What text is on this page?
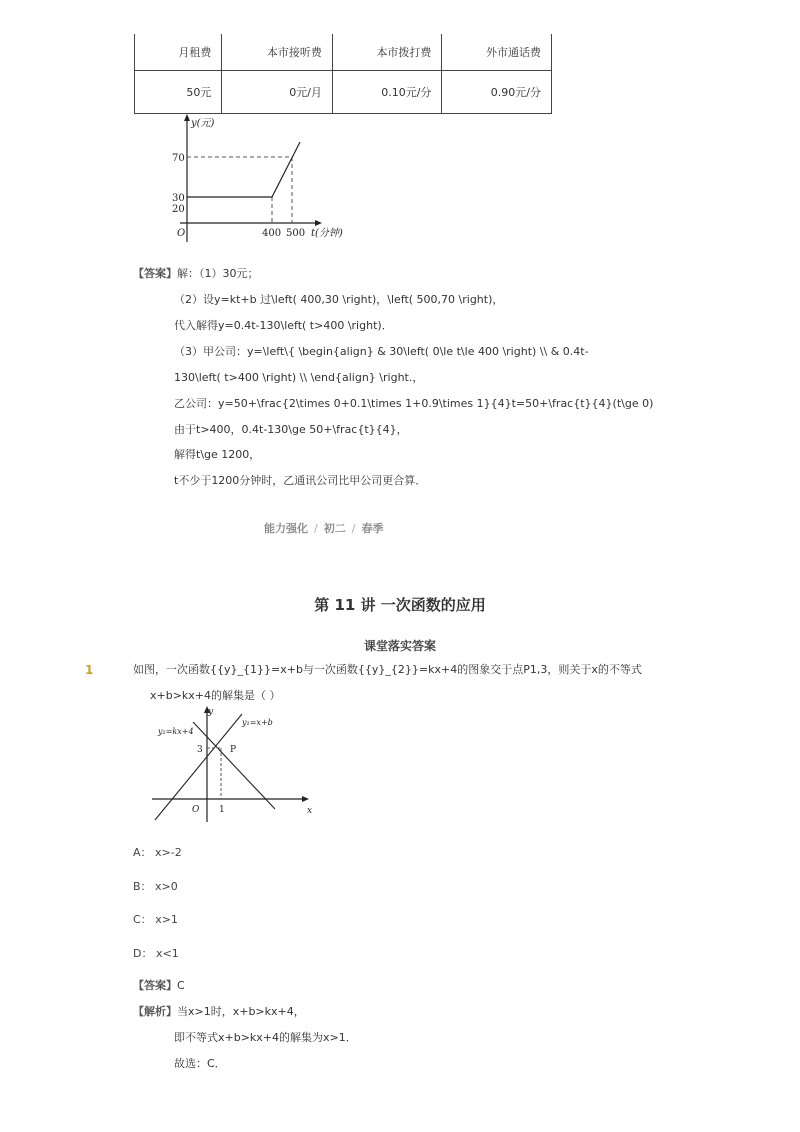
月租费	本市接听费	本市拨打费	外市通话费
50元	0元/月	0.10元/分	0.90元/分
y(元)
O
70
30
20
400 500 t(分钟)
【答案】解：（1）30元；
（2）设y=kt+b 过\left( 400,30 \right)，\left( 500,70 \right)，
代入解得y=0.4t-130\left( t>400 \right)．
（3）甲公司：y=\left\{ \begin{align} & 30\left( 0\le t\le 400 \right) \\ & 0.4t-
130\left( t>400 \right) \\ \end{align} \right.，
乙公司：y=50+\frac{2\times 0+0.1\times 1+0.9\times 1}{4}t=50+\frac{t}{4}(t\ge 0)
由于t>400，0.4t-130\ge 50+\frac{t}{4}，
解得t\ge 1200，
t不少于1200分钟时，乙通讯公司比甲公司更合算．
能力强化 / 初二 / 春季
第 11 讲 一次函数的应用
课堂落实答案
1	如图，一次函数{{y}_{1}}=x+b与一次函数{{y}_{2}}=kx+4的图象交于点P1,3，则关于x的不等式
x+b>kx+4的解集是（ ）
y
x
O
3
1
P
y₁=x+b
y₂=kx+4
A： x>-2
B： x>0
C： x>1
D： x<1
【答案】C
【解析】当x>1时，x+b>kx+4，
即不等式x+b>kx+4的解集为x>1．
故选：C．
